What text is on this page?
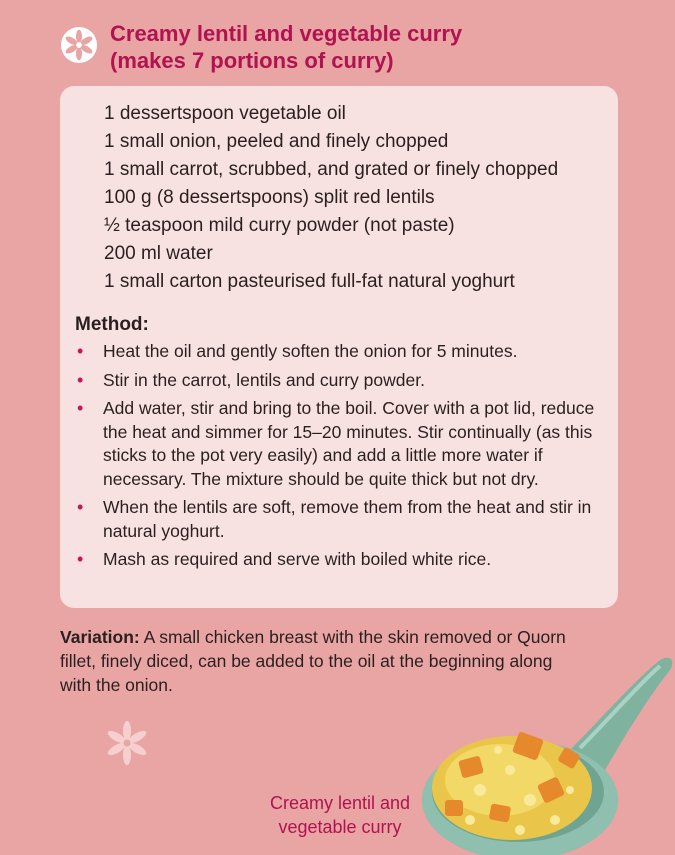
Creamy lentil and vegetable curry
(makes 7 portions of curry)
1 dessertspoon vegetable oil
1 small onion, peeled and finely chopped
1 small carrot, scrubbed, and grated or finely chopped
100 g (8 dessertspoons) split red lentils
½ teaspoon mild curry powder (not paste)
200 ml water
1 small carton pasteurised full-fat natural yoghurt
Method:
• Heat the oil and gently soften the onion for 5 minutes.
• Stir in the carrot, lentils and curry powder.
• Add water, stir and bring to the boil. Cover with a pot lid, reduce the heat and simmer for 15–20 minutes. Stir continually (as this sticks to the pot very easily) and add a little more water if necessary. The mixture should be quite thick but not dry.
• When the lentils are soft, remove them from the heat and stir in natural yoghurt.
• Mash as required and serve with boiled white rice.
Variation: A small chicken breast with the skin removed or Quorn fillet, finely diced, can be added to the oil at the beginning along with the onion.
Creamy lentil and
vegetable curry
